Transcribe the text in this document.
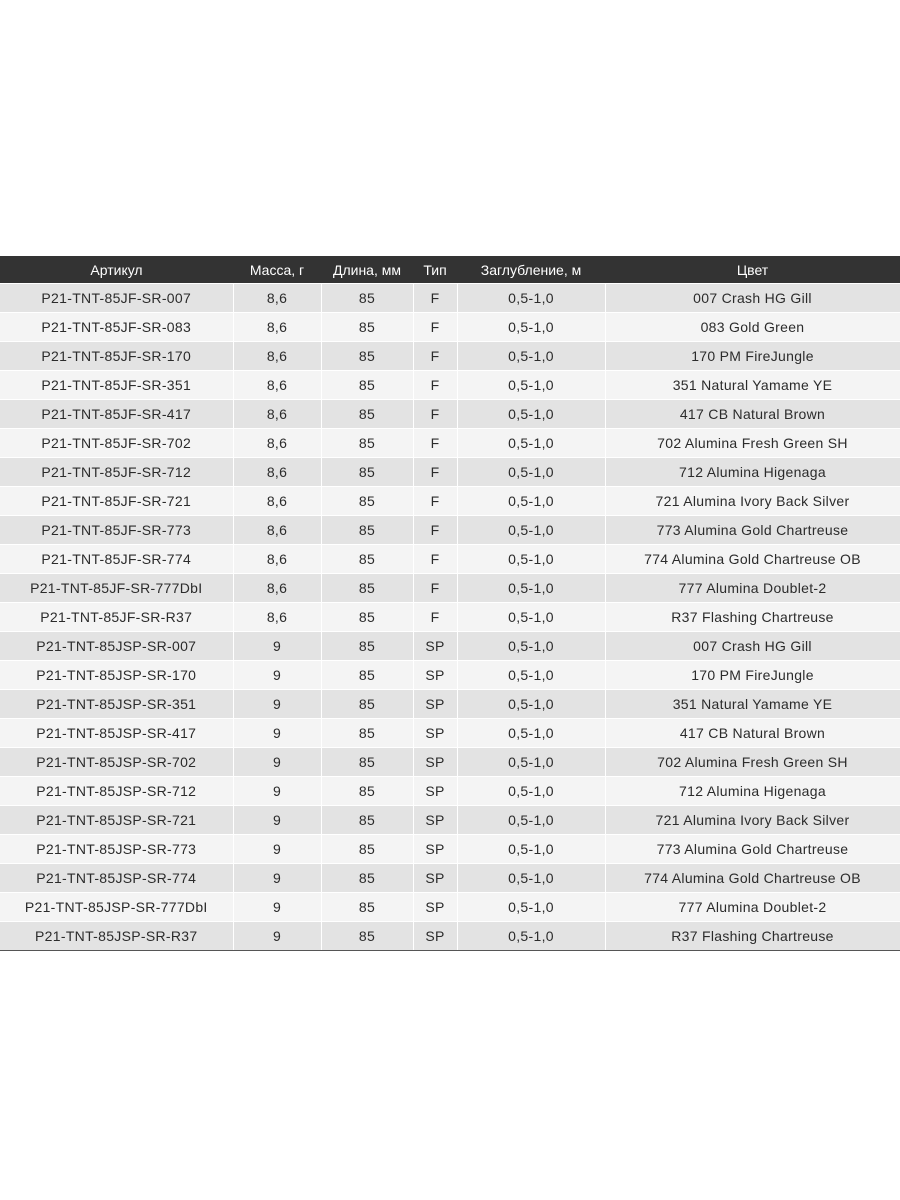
Артикул	Масса, г	Длина, мм	Тип	Заглубление, м	Цвет
P21-TNT-85JF-SR-007	8,6	85	F	0,5-1,0	007 Crash HG Gill
P21-TNT-85JF-SR-083	8,6	85	F	0,5-1,0	083 Gold Green
P21-TNT-85JF-SR-170	8,6	85	F	0,5-1,0	170 PM FireJungle
P21-TNT-85JF-SR-351	8,6	85	F	0,5-1,0	351 Natural Yamame YE
P21-TNT-85JF-SR-417	8,6	85	F	0,5-1,0	417 CB Natural Brown
P21-TNT-85JF-SR-702	8,6	85	F	0,5-1,0	702 Alumina Fresh Green SH
P21-TNT-85JF-SR-712	8,6	85	F	0,5-1,0	712 Alumina Higenaga
P21-TNT-85JF-SR-721	8,6	85	F	0,5-1,0	721 Alumina Ivory Back Silver
P21-TNT-85JF-SR-773	8,6	85	F	0,5-1,0	773 Alumina Gold Chartreuse
P21-TNT-85JF-SR-774	8,6	85	F	0,5-1,0	774 Alumina Gold Chartreuse OB
P21-TNT-85JF-SR-777DbI	8,6	85	F	0,5-1,0	777 Alumina Doublet-2
P21-TNT-85JF-SR-R37	8,6	85	F	0,5-1,0	R37 Flashing Chartreuse
P21-TNT-85JSP-SR-007	9	85	SP	0,5-1,0	007 Crash HG Gill
P21-TNT-85JSP-SR-170	9	85	SP	0,5-1,0	170 PM FireJungle
P21-TNT-85JSP-SR-351	9	85	SP	0,5-1,0	351 Natural Yamame YE
P21-TNT-85JSP-SR-417	9	85	SP	0,5-1,0	417 CB Natural Brown
P21-TNT-85JSP-SR-702	9	85	SP	0,5-1,0	702 Alumina Fresh Green SH
P21-TNT-85JSP-SR-712	9	85	SP	0,5-1,0	712 Alumina Higenaga
P21-TNT-85JSP-SR-721	9	85	SP	0,5-1,0	721 Alumina Ivory Back Silver
P21-TNT-85JSP-SR-773	9	85	SP	0,5-1,0	773 Alumina Gold Chartreuse
P21-TNT-85JSP-SR-774	9	85	SP	0,5-1,0	774 Alumina Gold Chartreuse OB
P21-TNT-85JSP-SR-777DbI	9	85	SP	0,5-1,0	777 Alumina Doublet-2
P21-TNT-85JSP-SR-R37	9	85	SP	0,5-1,0	R37 Flashing Chartreuse
